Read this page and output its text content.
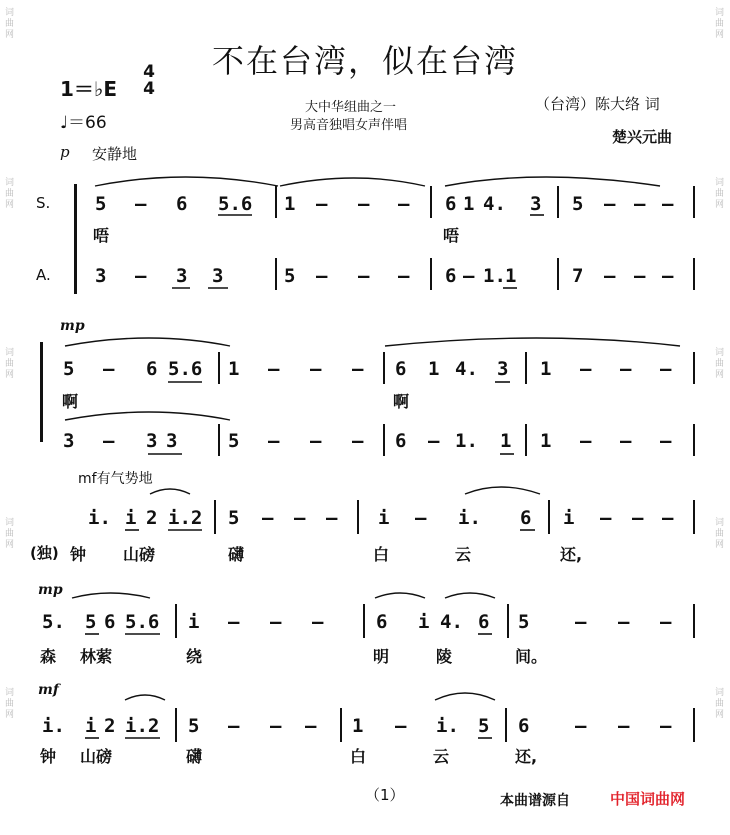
词曲网
词曲网
词曲网
词曲网
词曲网
词曲网
词曲网
词曲网
词曲网
词曲网
不在台湾，似在台湾
1＝♭E
4
4
♩＝66
大中华组曲之一
男高音独唱女声伴唱
（台湾）陈大络 词
楚兴元曲
p 安静地
S.
A.
mp
mf有气势地
mp
mf
(独)
5 — 6 5.6 1 — — — 6 1 4. 3 5 — — —
唔	唔
3 — 3 3	5 — — — 6 — 1. 1	7 — — —
5 — 6 5.6 1 — — — 6 1 4. 3 1 — — —
啊	啊
3 — 3 3	5 — — — 6 — 1. 1 1 — — —
i. i 2 i.2 5 — — — i — i. 6 i — — —
钟 山磅	礴	白	云	还,
5. 5 6 5.6 i — — —	6 i 4. 6 5 — — —
森 林萦	绕	明	陵	间。
i. i 2 i.2 5 — — — 1 — i. 5 6 — — —
钟 山磅	礴	白	云	还,
（1）	本曲谱源自	中国词曲网
